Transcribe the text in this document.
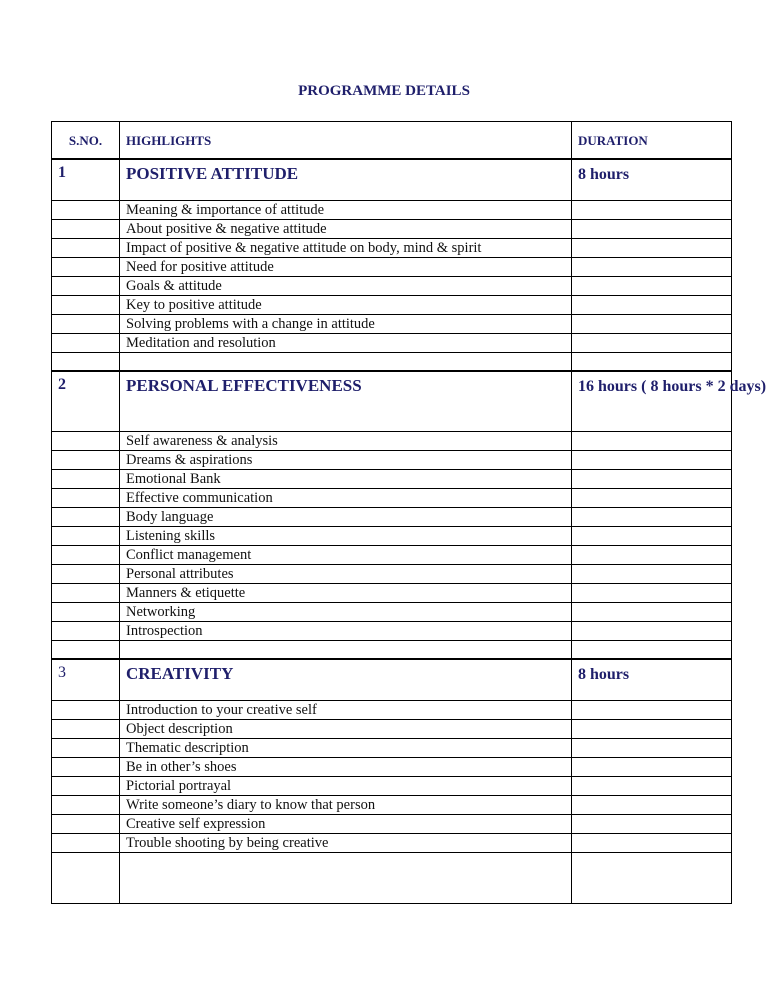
PROGRAMME DETAILS
S.NO.	HIGHLIGHTS	DURATION
1	POSITIVE ATTITUDE	8 hours
	Meaning & importance of attitude	
	About positive & negative attitude	
	Impact of positive & negative attitude on body, mind & spirit	
	Need for positive attitude	
	Goals & attitude	
	Key to positive attitude	
	Solving problems with a change in attitude	
	Meditation and resolution	

2	PERSONAL EFFECTIVENESS	16 hours ( 8 hours * 2 days)
	Self awareness & analysis	
	Dreams & aspirations	
	Emotional Bank	
	Effective communication	
	Body language	
	Listening skills	
	Conflict management	
	Personal attributes	
	Manners & etiquette	
	Networking	
	Introspection	

3	CREATIVITY	8 hours
	Introduction to your creative self	
	Object description	
	Thematic description	
	Be in other’s shoes	
	Pictorial portrayal	
	Write someone’s diary to know that person	
	Creative self expression	
	Trouble shooting by being creative	
